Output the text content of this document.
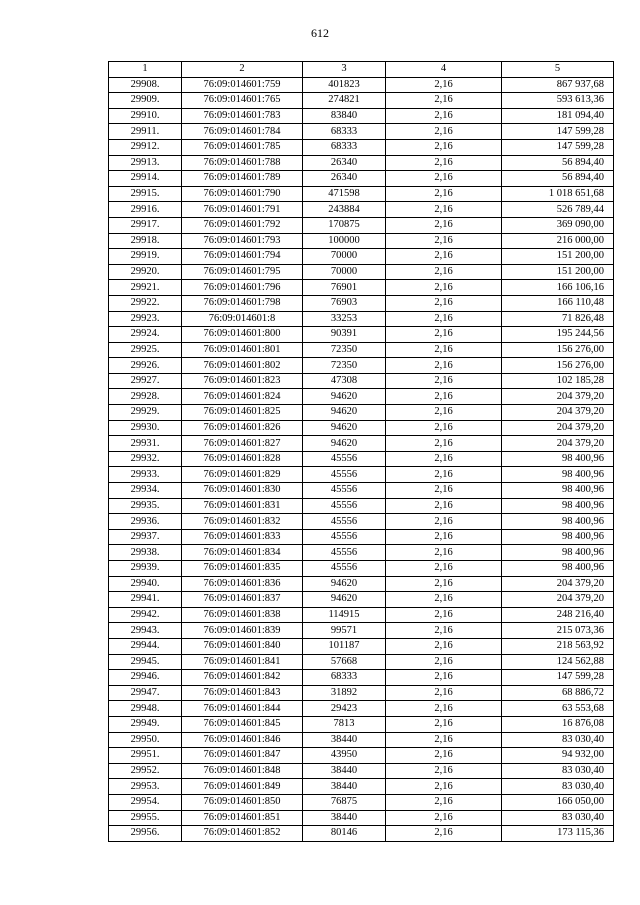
612
1	2	3	4	5
29908.	76:09:014601:759	401823	2,16	867 937,68
29909.	76:09:014601:765	274821	2,16	593 613,36
29910.	76:09:014601:783	83840	2,16	181 094,40
29911.	76:09:014601:784	68333	2,16	147 599,28
29912.	76:09:014601:785	68333	2,16	147 599,28
29913.	76:09:014601:788	26340	2,16	56 894,40
29914.	76:09:014601:789	26340	2,16	56 894,40
29915.	76:09:014601:790	471598	2,16	1 018 651,68
29916.	76:09:014601:791	243884	2,16	526 789,44
29917.	76:09:014601:792	170875	2,16	369 090,00
29918.	76:09:014601:793	100000	2,16	216 000,00
29919.	76:09:014601:794	70000	2,16	151 200,00
29920.	76:09:014601:795	70000	2,16	151 200,00
29921.	76:09:014601:796	76901	2,16	166 106,16
29922.	76:09:014601:798	76903	2,16	166 110,48
29923.	76:09:014601:8	33253	2,16	71 826,48
29924.	76:09:014601:800	90391	2,16	195 244,56
29925.	76:09:014601:801	72350	2,16	156 276,00
29926.	76:09:014601:802	72350	2,16	156 276,00
29927.	76:09:014601:823	47308	2,16	102 185,28
29928.	76:09:014601:824	94620	2,16	204 379,20
29929.	76:09:014601:825	94620	2,16	204 379,20
29930.	76:09:014601:826	94620	2,16	204 379,20
29931.	76:09:014601:827	94620	2,16	204 379,20
29932.	76:09:014601:828	45556	2,16	98 400,96
29933.	76:09:014601:829	45556	2,16	98 400,96
29934.	76:09:014601:830	45556	2,16	98 400,96
29935.	76:09:014601:831	45556	2,16	98 400,96
29936.	76:09:014601:832	45556	2,16	98 400,96
29937.	76:09:014601:833	45556	2,16	98 400,96
29938.	76:09:014601:834	45556	2,16	98 400,96
29939.	76:09:014601:835	45556	2,16	98 400,96
29940.	76:09:014601:836	94620	2,16	204 379,20
29941.	76:09:014601:837	94620	2,16	204 379,20
29942.	76:09:014601:838	114915	2,16	248 216,40
29943.	76:09:014601:839	99571	2,16	215 073,36
29944.	76:09:014601:840	101187	2,16	218 563,92
29945.	76:09:014601:841	57668	2,16	124 562,88
29946.	76:09:014601:842	68333	2,16	147 599,28
29947.	76:09:014601:843	31892	2,16	68 886,72
29948.	76:09:014601:844	29423	2,16	63 553,68
29949.	76:09:014601:845	7813	2,16	16 876,08
29950.	76:09:014601:846	38440	2,16	83 030,40
29951.	76:09:014601:847	43950	2,16	94 932,00
29952.	76:09:014601:848	38440	2,16	83 030,40
29953.	76:09:014601:849	38440	2,16	83 030,40
29954.	76:09:014601:850	76875	2,16	166 050,00
29955.	76:09:014601:851	38440	2,16	83 030,40
29956.	76:09:014601:852	80146	2,16	173 115,36
